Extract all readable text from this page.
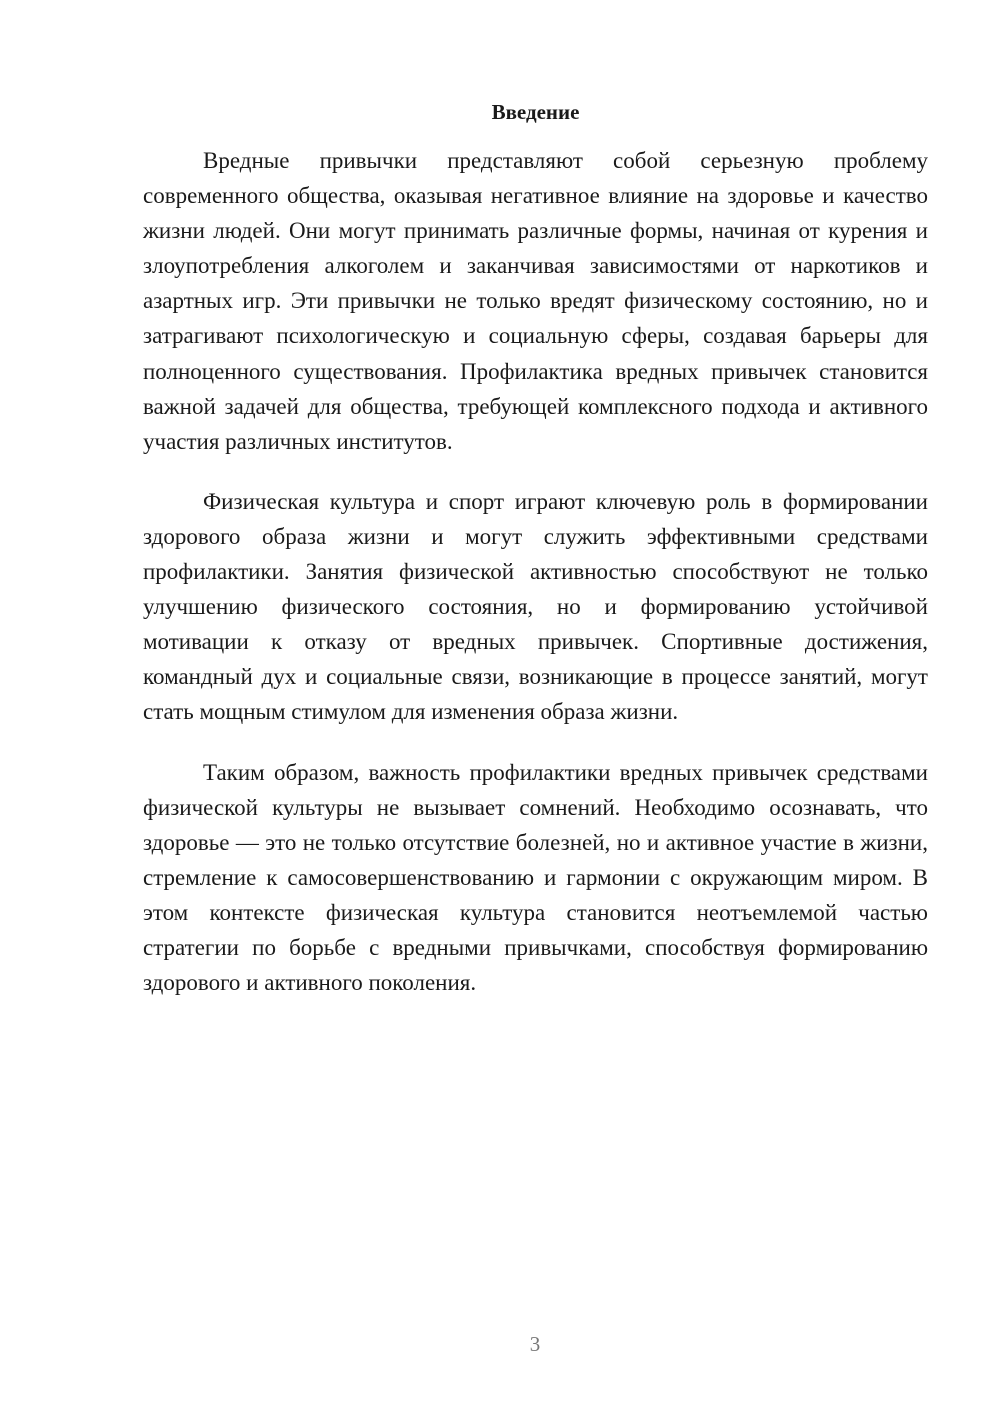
Введение

Вредные привычки представляют собой серьезную проблему современного общества, оказывая негативное влияние на здоровье и качество жизни людей. Они могут принимать различные формы, начиная от курения и злоупотребления алкоголем и заканчивая зависимостями от наркотиков и азартных игр. Эти привычки не только вредят физическому состоянию, но и затрагивают психологическую и социальную сферы, создавая барьеры для полноценного существования. Профилактика вредных привычек становится важной задачей для общества, требующей комплексного подхода и активного участия различных институтов.

Физическая культура и спорт играют ключевую роль в формировании здорового образа жизни и могут служить эффективными средствами профилактики. Занятия физической активностью способствуют не только улучшению физического состояния, но и формированию устойчивой мотивации к отказу от вредных привычек. Спортивные достижения, командный дух и социальные связи, возникающие в процессе занятий, могут стать мощным стимулом для изменения образа жизни.

Таким образом, важность профилактики вредных привычек средствами физической культуры не вызывает сомнений. Необходимо осознавать, что здоровье — это не только отсутствие болезней, но и активное участие в жизни, стремление к самосовершенствованию и гармонии с окружающим миром. В этом контексте физическая культура становится неотъемлемой частью стратегии по борьбе с вредными привычками, способствуя формированию здорового и активного поколения.

3
